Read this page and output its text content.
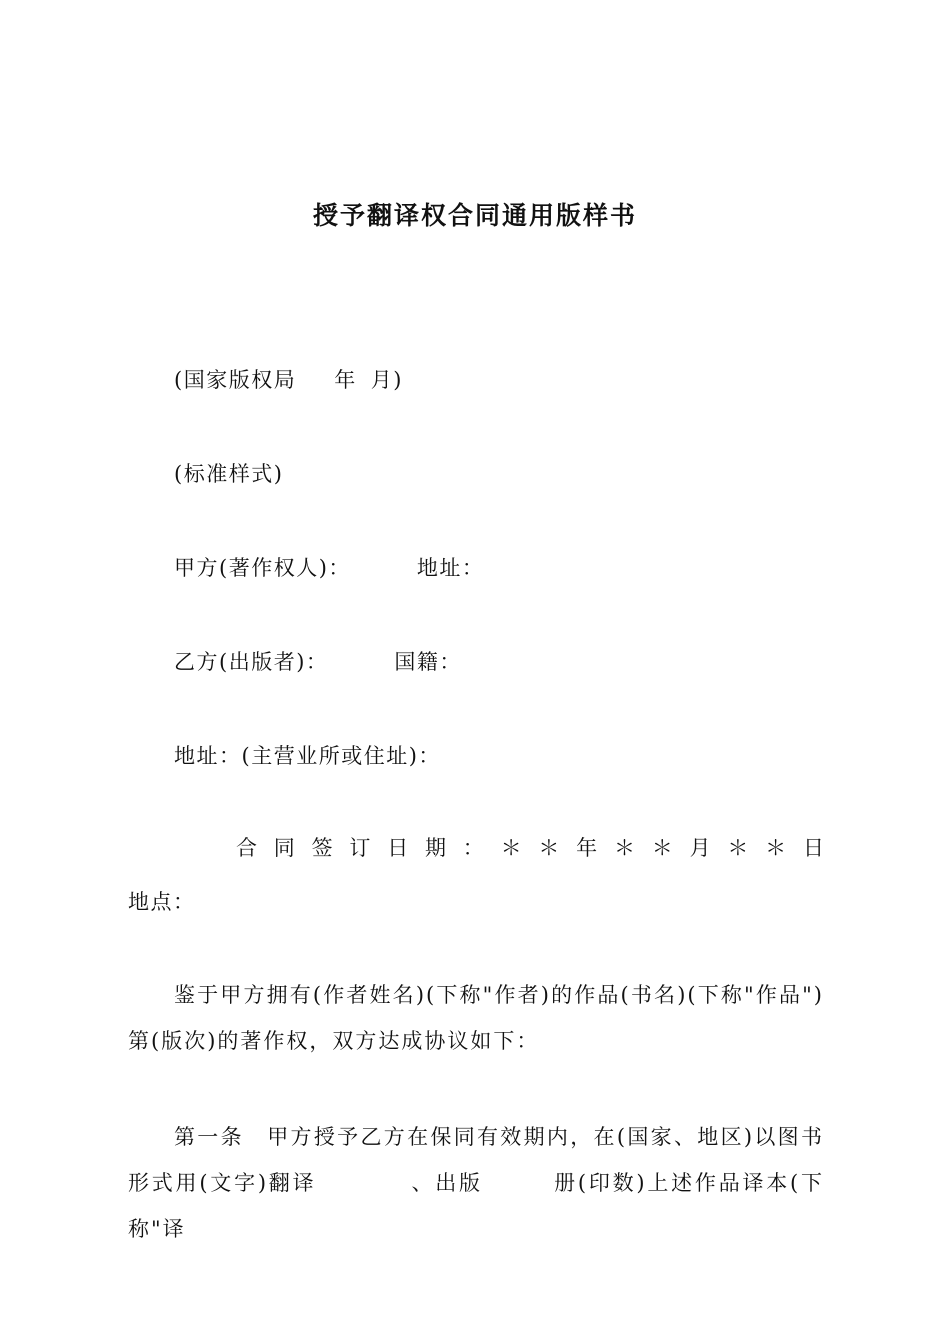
授予翻译权合同通用版样书
(国家版权局 年 月)
(标准样式)
甲方(著作权人)：	地址：
乙方(出版者)：	国籍：
地址：(主营业所或住址)：
合 同 签 订 日 期 ： ＊ ＊ 年 ＊ ＊ 月 ＊ ＊ 日
地点：
鉴于甲方拥有(作者姓名)(下称"作者)的作品(书名)(下称"作品")第(版次)的著作权，双方达成协议如下：
第一条　甲方授予乙方在保同有效期内，在(国家、地区)以图书形式用(文字)翻译　　　　、出版　　　册(印数)上述作品译本(下称"译
